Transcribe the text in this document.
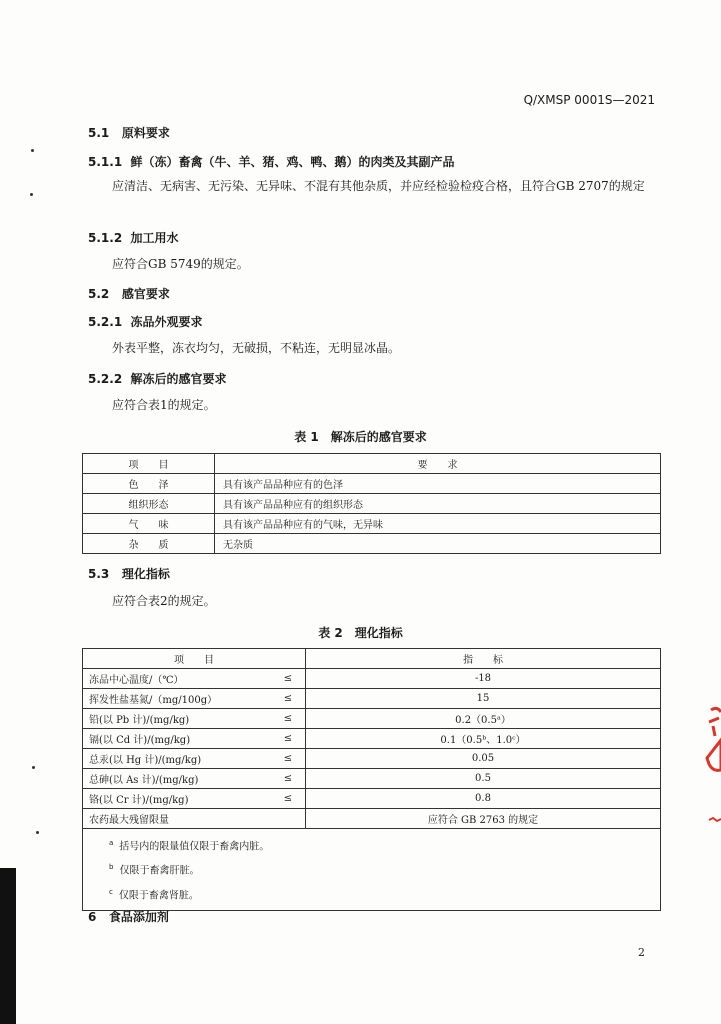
Q/XMSP 0001S—2021
5.1 原料要求
5.1.1 鲜（冻）畜禽（牛、羊、猪、鸡、鸭、鹅）的肉类及其副产品
应清洁、无病害、无污染、无异味、不混有其他杂质，并应经检验检疫合格，且符合GB 2707的规定
5.1.2 加工用水
应符合GB 5749的规定。
5.2 感官要求
5.2.1 冻品外观要求
外表平整，冻衣均匀，无破损，不粘连，无明显冰晶。
5.2.2 解冻后的感官要求
应符合表1的规定。
表 1　解冻后的感官要求
项　　目	要　　求
色　　泽	具有该产品品种应有的色泽
组织形态	具有该产品品种应有的组织形态
气　　味	具有该产品品种应有的气味，无异味
杂　　质	无杂质
5.3 理化指标
应符合表2的规定。
表 2　理化指标
项　　目		指　　标
冻品中心温度/（℃）	≤	-18
挥发性盐基氮/（mg/100g）	≤	15
铅(以 Pb 计)/(mg/kg)	≤	0.2（0.5ᵃ）
镉(以 Cd 计)/(mg/kg)	≤	0.1（0.5ᵇ、1.0ᶜ）
总汞(以 Hg 计)/(mg/kg)	≤	0.05
总砷(以 As 计)/(mg/kg)	≤	0.5
铬(以 Cr 计)/(mg/kg)	≤	0.8
农药最大残留限量		应符合 GB 2763 的规定

$^a$ 括号内的限量值仅限于畜禽内脏。
$^b$ 仅限于畜禽肝脏。
$^c$ 仅限于畜禽肾脏。		
6 食品添加剂
2
